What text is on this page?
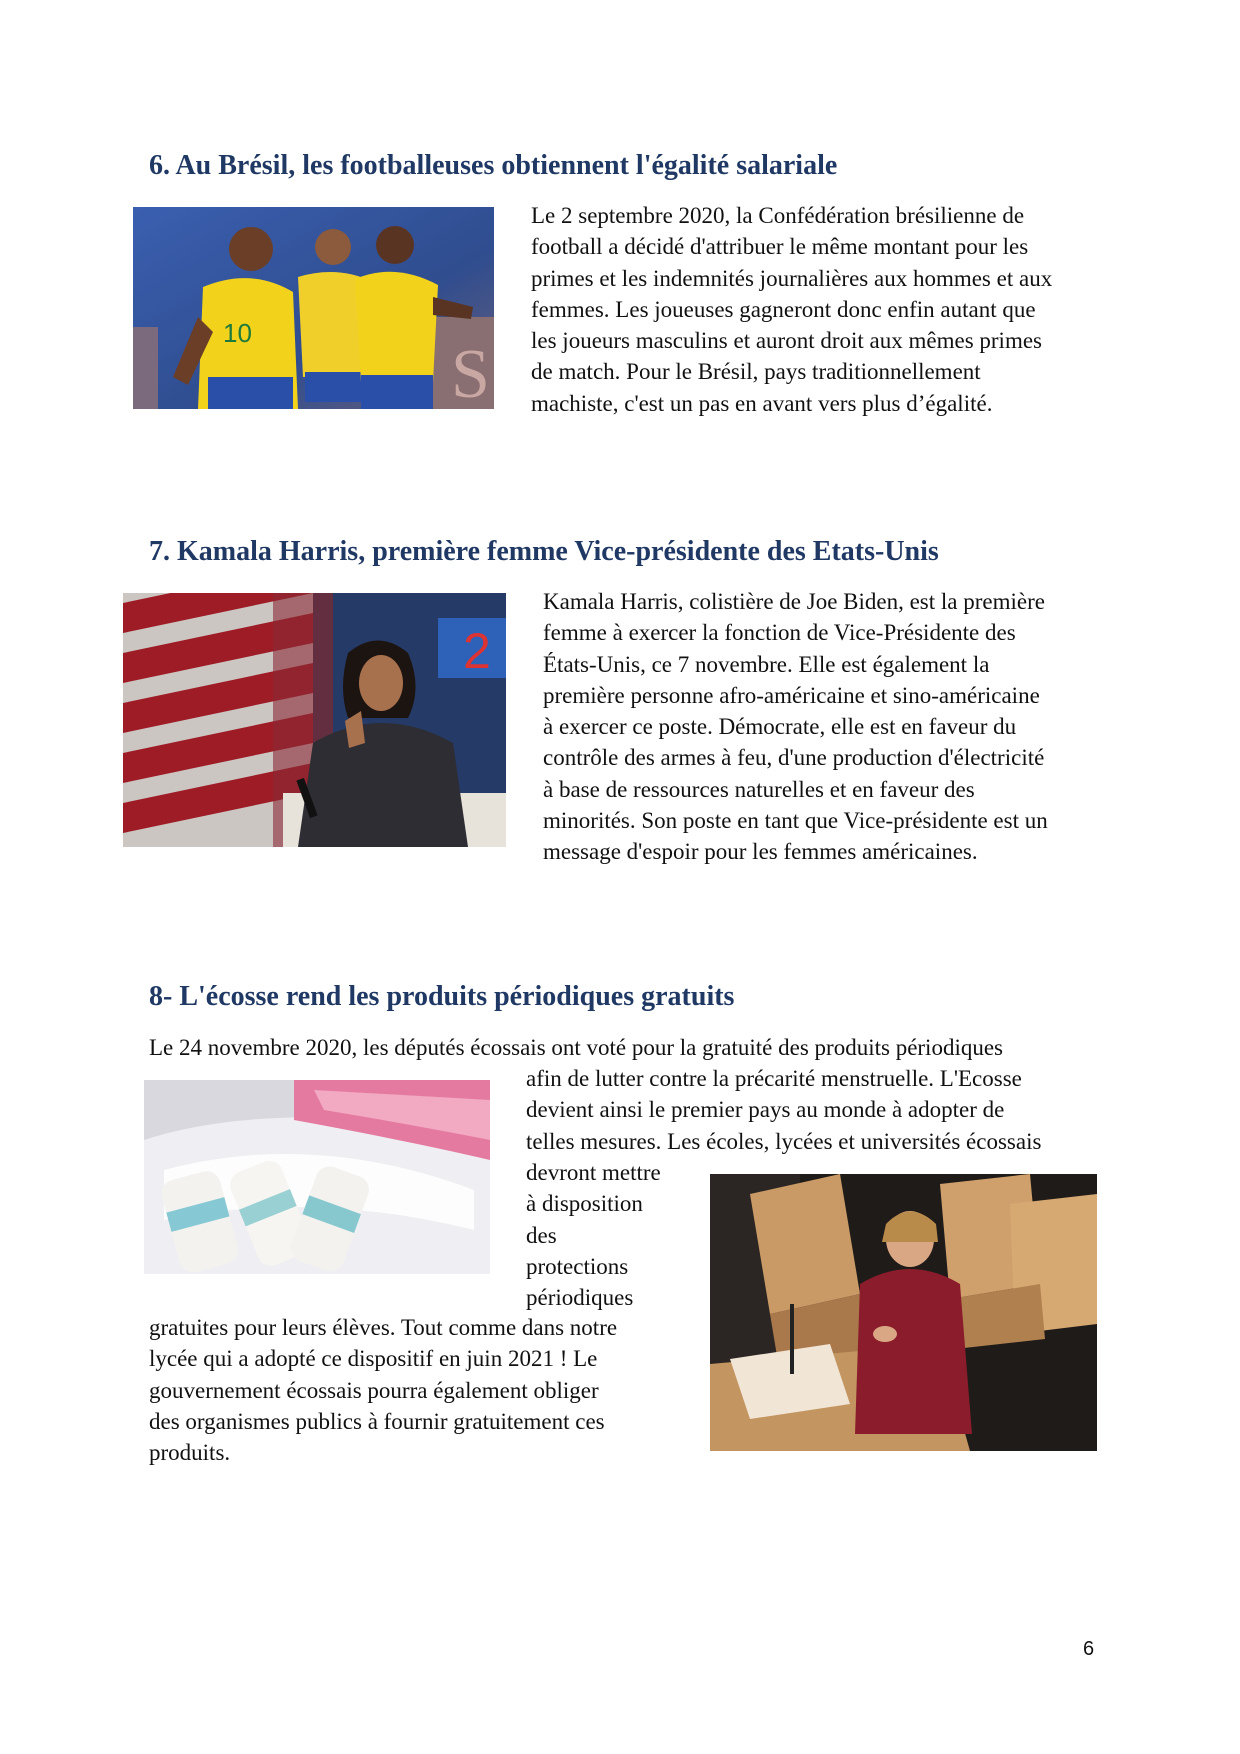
6. Au Brésil, les footballeuses obtiennent l'égalité salariale
S
10

Le 2 septembre 2020, la Confédération brésilienne de
football a décidé d'attribuer le même montant pour les
primes et les indemnités journalières aux hommes et aux
femmes. Les joueuses gagneront donc enfin autant que
les joueurs masculins et auront droit aux mêmes primes
de match. Pour le Brésil, pays traditionnellement
machiste, c'est un pas en avant vers plus d’égalité.

7. Kamala Harris, première femme Vice-présidente des Etats-Unis
2

Kamala Harris, colistière de Joe Biden, est la première
femme à exercer la fonction de Vice-Présidente des
États-Unis, ce 7 novembre. Elle est également la
première personne afro-américaine et sino-américaine
à exercer ce poste. Démocrate, elle est en faveur du
contrôle des armes à feu, d'une production d'électricité
à base de ressources naturelles et en faveur des
minorités. Son poste en tant que Vice-présidente est un
message d'espoir pour les femmes américaines.

8- L'écosse rend les produits périodiques gratuits

Le 24 novembre 2020, les députés écossais ont voté pour la gratuité des produits périodiques

afin de lutter contre la précarité menstruelle. L'Ecosse
devient ainsi le premier pays au monde à adopter de
telles mesures. Les écoles, lycées et universités écossais

devront mettre
à disposition
des
protections
périodiques

gratuites pour leurs élèves. Tout comme dans notre
lycée qui a adopté ce dispositif en juin 2021 ! Le
gouvernement écossais pourra également obliger
des organismes publics à fournir gratuitement ces
produits.

6
